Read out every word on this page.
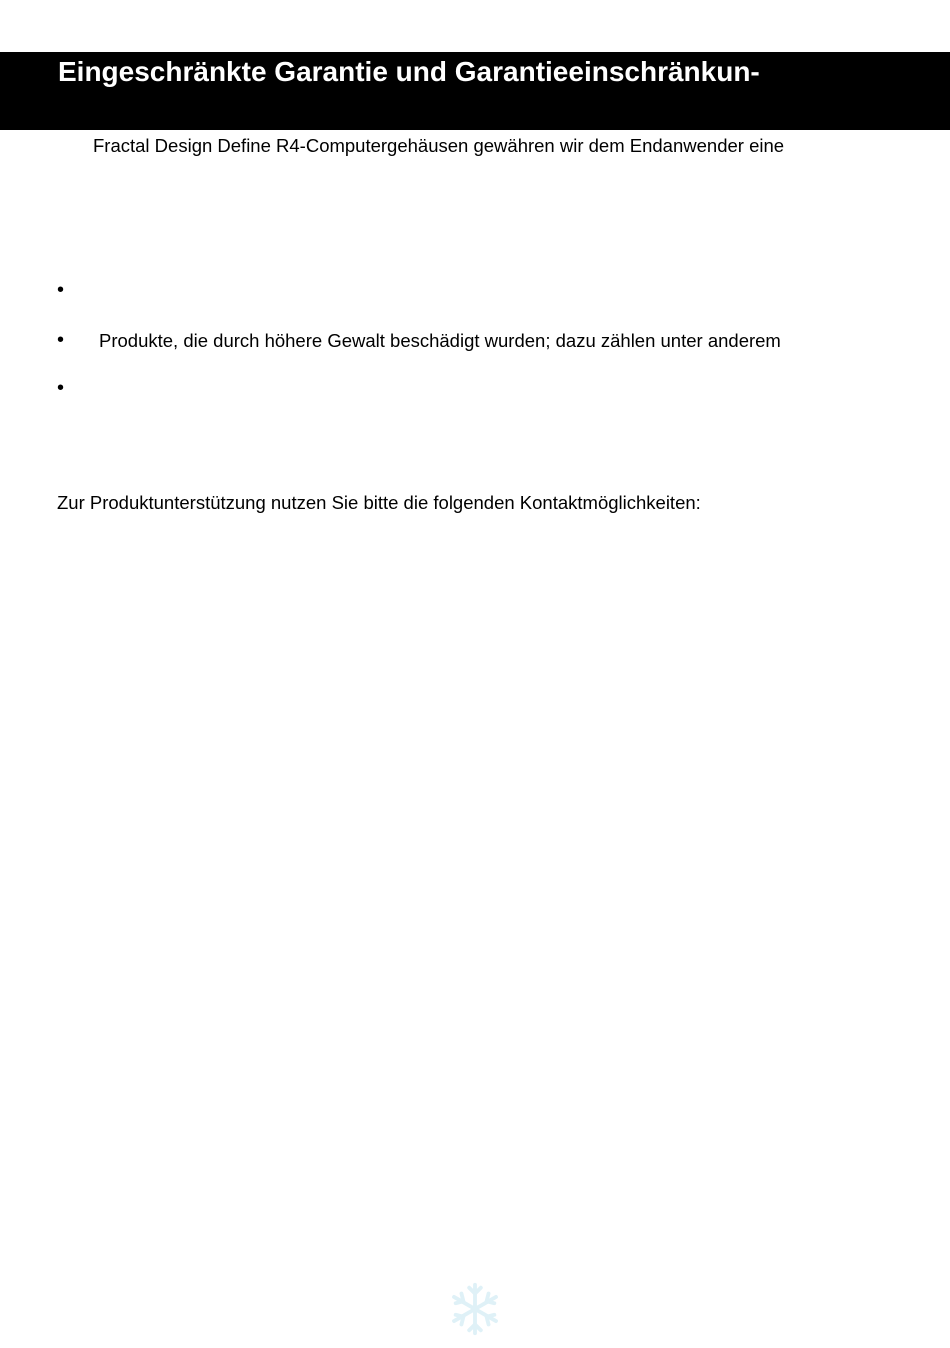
Eingeschränkte Garantie und Garantieeinschränkun-
Fractal Design Define R4-Computergehäusen gewähren wir dem Endanwender eine
•
• Produkte, die durch höhere Gewalt beschädigt wurden; dazu zählen unter anderem
•
Zur Produktunterstützung nutzen Sie bitte die folgenden Kontaktmöglichkeiten:
